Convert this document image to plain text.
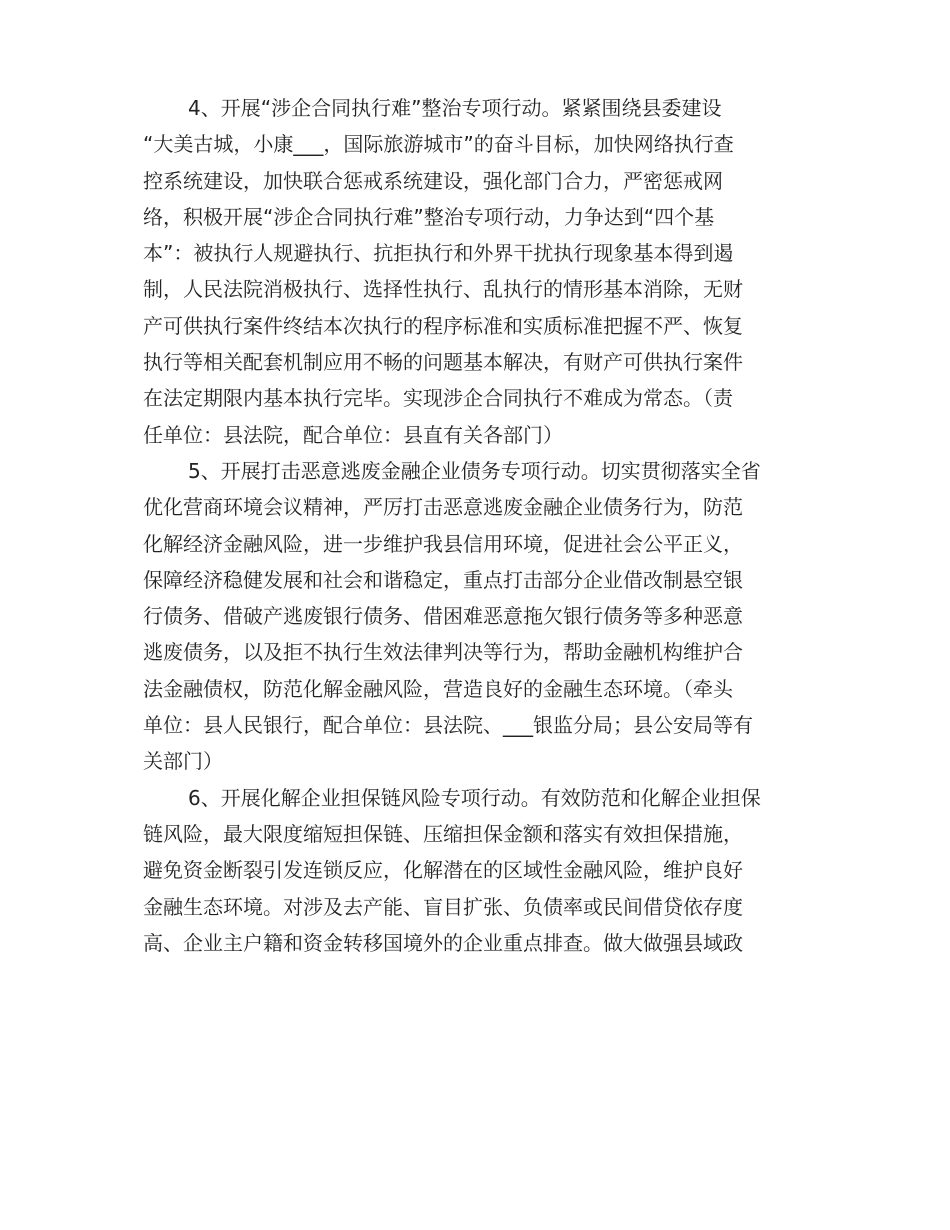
4、开展“涉企合同执行难”整治专项行动。紧紧围绕县委建设
“大美古城，小康___，国际旅游城市”的奋斗目标，加快网络执行查
控系统建设，加快联合惩戒系统建设，强化部门合力，严密惩戒网
络，积极开展“涉企合同执行难”整治专项行动，力争达到“四个基
本”：被执行人规避执行、抗拒执行和外界干扰执行现象基本得到遏
制，人民法院消极执行、选择性执行、乱执行的情形基本消除，无财
产可供执行案件终结本次执行的程序标准和实质标准把握不严、恢复
执行等相关配套机制应用不畅的问题基本解决，有财产可供执行案件
在法定期限内基本执行完毕。实现涉企合同执行不难成为常态。（责
任单位：县法院，配合单位：县直有关各部门）
5、开展打击恶意逃废金融企业债务专项行动。切实贯彻落实全省
优化营商环境会议精神，严厉打击恶意逃废金融企业债务行为，防范
化解经济金融风险，进一步维护我县信用环境，促进社会公平正义，
保障经济稳健发展和社会和谐稳定，重点打击部分企业借改制悬空银
行债务、借破产逃废银行债务、借困难恶意拖欠银行债务等多种恶意
逃废债务，以及拒不执行生效法律判决等行为，帮助金融机构维护合
法金融债权，防范化解金融风险，营造良好的金融生态环境。（牵头
单位：县人民银行，配合单位：县法院、___银监分局；县公安局等有
关部门）
6、开展化解企业担保链风险专项行动。有效防范和化解企业担保
链风险，最大限度缩短担保链、压缩担保金额和落实有效担保措施，
避免资金断裂引发连锁反应，化解潜在的区域性金融风险，维护良好
金融生态环境。对涉及去产能、盲目扩张、负债率或民间借贷依存度
高、企业主户籍和资金转移国境外的企业重点排查。做大做强县域政
